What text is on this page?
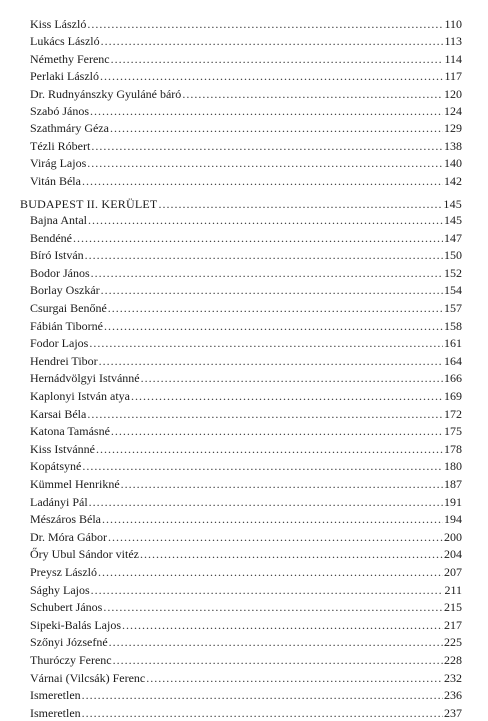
Kiss László .....	110
Lukács László .....	113
Némethy Ferenc .....	114
Perlaki László .....	117
Dr. Rudnyánszky Gyuláné báró .....	120
Szabó János .....	124
Szathmáry Géza .....	129
Tézli Róbert .....	138
Virág Lajos .....	140
Vitán Béla .....	142
BUDAPEST II. KERÜLET .....	145
Bajna Antal .....	145
Bendéné .....	147
Bíró István .....	150
Bodor János .....	152
Borlay Oszkár .....	154
Csurgai Benőné .....	157
Fábián Tiborné .....	158
Fodor Lajos .....	161
Hendrei Tibor .....	164
Hernádvölgyi Istvánné .....	166
Kaplonyi István atya .....	169
Karsai Béla .....	172
Katona Tamásné .....	175
Kiss Istvánné .....	178
Kopátsyné .....	180
Kümmel Henrikné .....	187
Ladányi Pál .....	191
Mészáros Béla .....	194
Dr. Móra Gábor .....	200
Őry Ubul Sándor vitéz .....	204
Preysz László .....	207
Sághy Lajos .....	211
Schubert János .....	215
Sipeki-Balás Lajos .....	217
Szőnyi Józsefné .....	225
Thuróczy Ferenc .....	228
Várnai (Vilcsák) Ferenc .....	232
Ismeretlen .....	236
Ismeretlen .....	237
